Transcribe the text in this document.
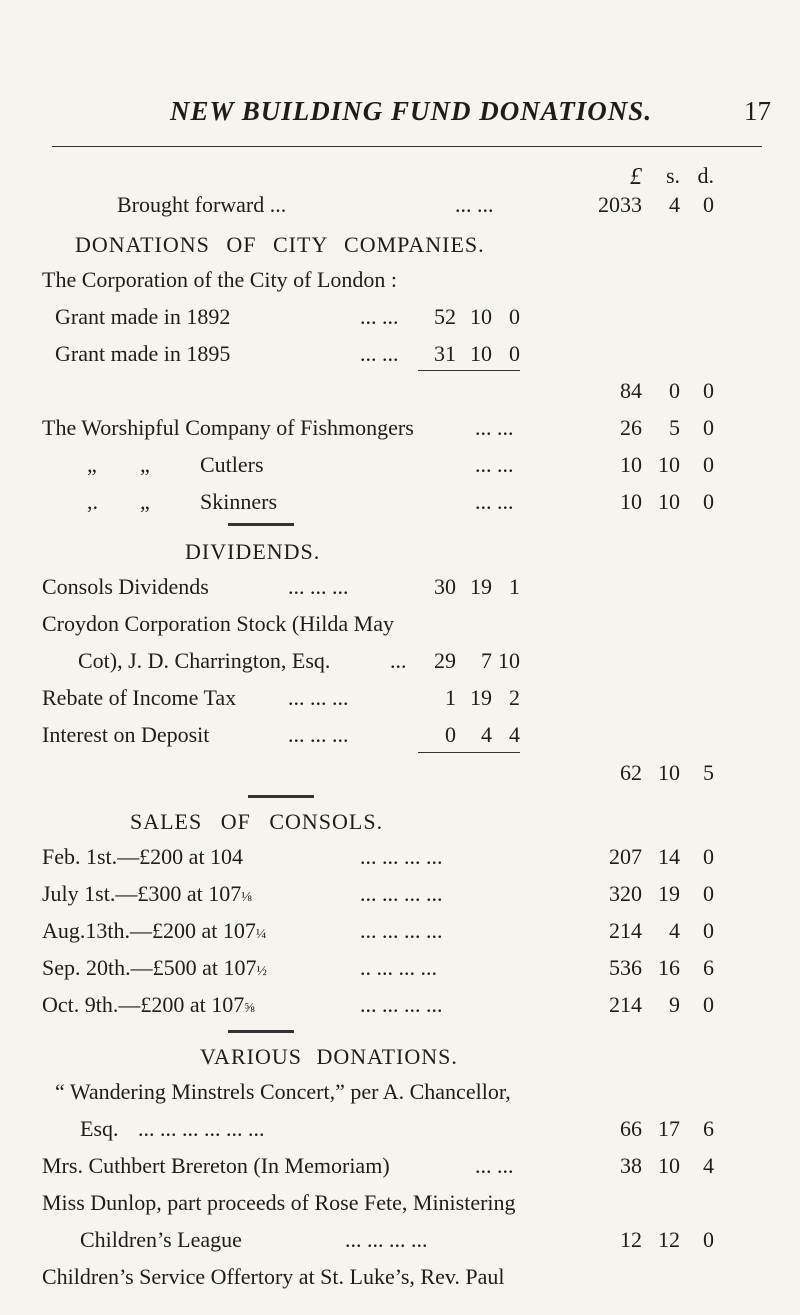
NEW BUILDING FUND DONATIONS.	17
£	s. d.
Brought forward ...	... ...	2033	4	0
DONATIONS OF CITY COMPANIES.
The Corporation of the City of London :
Grant made in 1892	... ...	52 10 0
Grant made in 1895	... ...	31 10 0
84	0	0
The Worshipful Company of Fishmongers	... ...	26	5	0
„ „ Cutlers	... ...	10 10	0
,. „ Skinners	... ...	10 10	0
DIVIDENDS.
Consols Dividends	... ... ...	30 19 1
Croydon Corporation Stock (Hilda May
Cot), J. D. Charrington, Esq.	...	29	7 10
Rebate of Income Tax ... ... ...	1 19 2
Interest on Deposit	... ... ...	0	4 4
62 10	5
SALES OF CONSOLS.
Feb. 1st.—£200 at 104	... ... ... ...	207 14	0
July 1st.—£300 at 107⅛	... ... ... ...	320 19	0
Aug.13th.—£200 at 107¼	... ... ... ...	214	4	0
Sep. 20th.—£500 at 107½	.. ... ... ...	536 16	6
Oct. 9th.—£200 at 107⅝	... ... ... ...	214	9	0
VARIOUS DONATIONS.
“ Wandering Minstrels Concert,” per A. Chancellor,
Esq. ... ... ... ... ... ...	66 17	6
Mrs. Cuthbert Brereton (In Memoriam)	... ...	38 10	4
Miss Dunlop, part proceeds of Rose Fete, Ministering
Children’s League	... ... ... ...	12 12	0
Children’s Service Offertory at St. Luke’s, Rev. Paul
